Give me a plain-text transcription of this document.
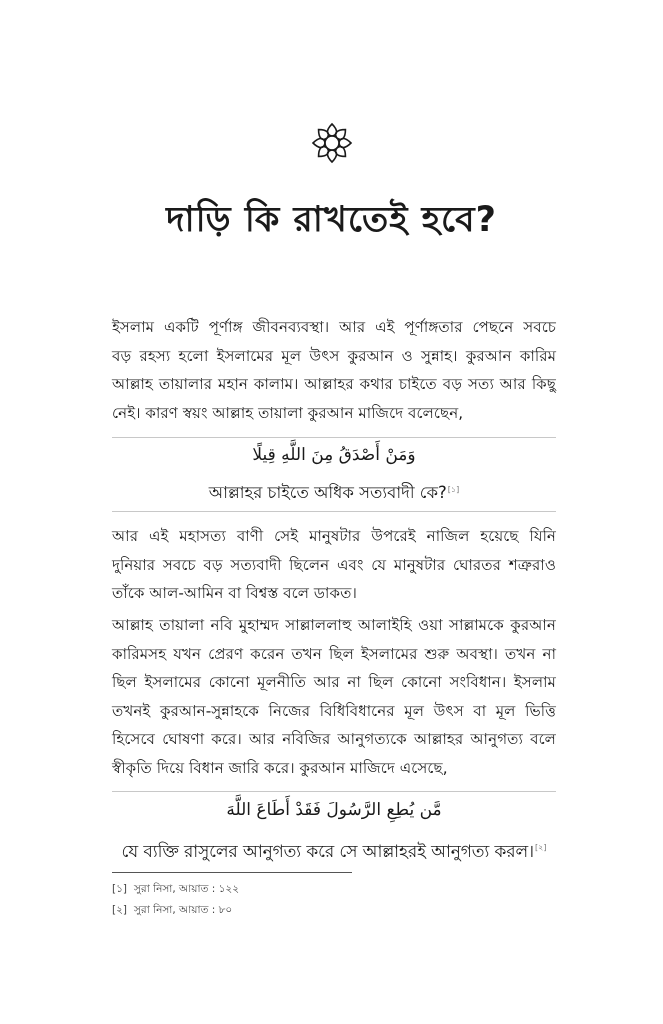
দাড়ি কি রাখতেই হবে?
ইসলাম একটি পূর্ণাঙ্গ জীবনব্যবস্থা। আর এই পূর্ণাঙ্গতার পেছনে সবচে
বড় রহস্য হলো ইসলামের মূল উৎস কুরআন ও সুন্নাহ। কুরআন কারিম
আল্লাহ তায়ালার মহান কালাম। আল্লাহর কথার চাইতে বড় সত্য আর কিছু
নেই। কারণ স্বয়ং আল্লাহ তায়ালা কুরআন মাজিদে বলেছেন,
وَمَنْ أَصْدَقُ مِنَ اللَّهِ قِيلًا
আল্লাহর চাইতে অধিক সত্যবাদী কে?[১]
আর এই মহাসত্য বাণী সেই মানুষটার উপরেই নাজিল হয়েছে যিনি
দুনিয়ার সবচে বড় সত্যবাদী ছিলেন এবং যে মানুষটার ঘোরতর শত্রুরাও
তাঁকে আল-আমিন বা বিশ্বস্ত বলে ডাকত।
আল্লাহ তায়ালা নবি মুহাম্মদ সাল্লাললাহু আলাইহি ওয়া সাল্লামকে কুরআন
কারিমসহ যখন প্রেরণ করেন তখন ছিল ইসলামের শুরু অবস্থা। তখন না
ছিল ইসলামের কোনো মূলনীতি আর না ছিল কোনো সংবিধান। ইসলাম
তখনই কুরআন-সুন্নাহকে নিজের বিধিবিধানের মূল উৎস বা মূল ভিত্তি
হিসেবে ঘোষণা করে। আর নবিজির আনুগত্যকে আল্লাহর আনুগত্য বলে
স্বীকৃতি দিয়ে বিধান জারি করে। কুরআন মাজিদে এসেছে,
مَّن يُطِعِ الرَّسُولَ فَقَدْ أَطَاعَ اللَّهَ
যে ব্যক্তি রাসুলের আনুগত্য করে সে আল্লাহরই আনুগত্য করল।[২]
[১] সুরা নিসা, আয়াত : ১২২
[২] সুরা নিসা, আয়াত : ৮০
